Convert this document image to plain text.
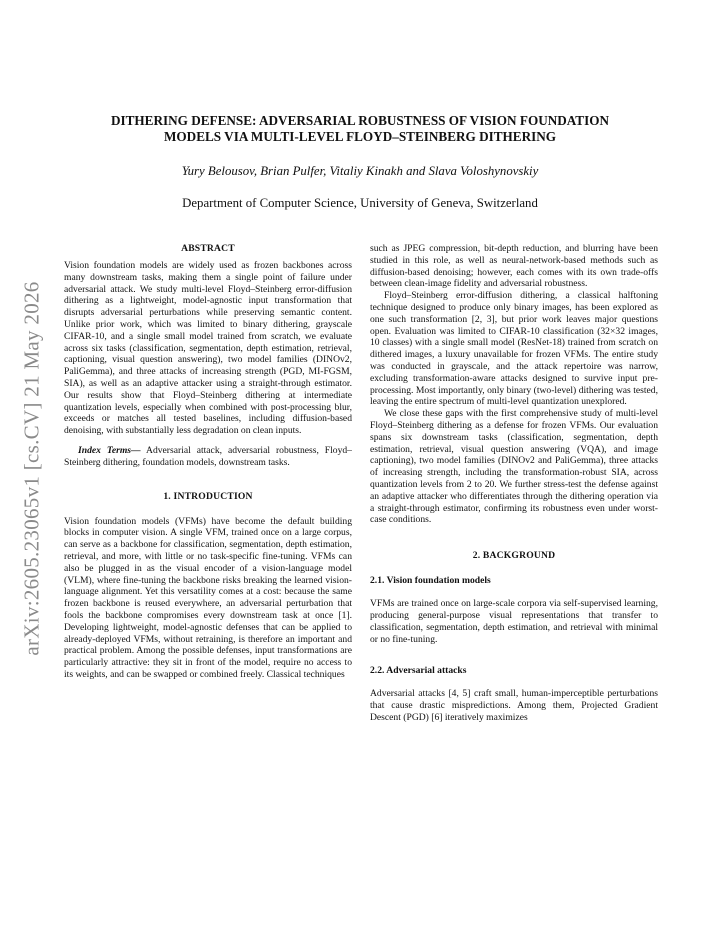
arXiv:2605.23065v1 [cs.CV] 21 May 2026
DITHERING DEFENSE: ADVERSARIAL ROBUSTNESS OF VISION FOUNDATION
MODELS VIA MULTI-LEVEL FLOYD–STEINBERG DITHERING
Yury Belousov, Brian Pulfer, Vitaliy Kinakh and Slava Voloshynovskiy
Department of Computer Science, University of Geneva, Switzerland

ABSTRACT

Vision foundation models are widely used as frozen backbones across many downstream tasks, making them a single point of failure under adversarial attack. We study multi-level Floyd–Steinberg error-diffusion dithering as a lightweight, model-agnostic input transformation that disrupts adversarial perturbations while preserving semantic content. Unlike prior work, which was limited to binary dithering, grayscale CIFAR-10, and a single small model trained from scratch, we evaluate across six tasks (classification, segmentation, depth estimation, retrieval, captioning, visual question answering), two model families (DINOv2, PaliGemma), and three attacks of increasing strength (PGD, MI-FGSM, SIA), as well as an adaptive attacker using a straight-through estimator. Our results show that Floyd–Steinberg dithering at intermediate quantization levels, especially when combined with post-processing blur, exceeds or matches all tested baselines, including diffusion-based denoising, with substantially less degradation on clean inputs.

Index Terms— Adversarial attack, adversarial robustness, Floyd–Steinberg dithering, foundation models, downstream tasks.

1. INTRODUCTION

Vision foundation models (VFMs) have become the default building blocks in computer vision. A single VFM, trained once on a large corpus, can serve as a backbone for classification, segmentation, depth estimation, retrieval, and more, with little or no task-specific fine-tuning. VFMs can also be plugged in as the visual encoder of a vision-language model (VLM), where fine-tuning the backbone risks breaking the learned vision-language alignment. Yet this versatility comes at a cost: because the same frozen backbone is reused everywhere, an adversarial perturbation that fools the backbone compromises every downstream task at once [1]. Developing lightweight, model-agnostic defenses that can be applied to already-deployed VFMs, without retraining, is therefore an important and practical problem. Among the possible defenses, input transformations are particularly attractive: they sit in front of the model, require no access to its weights, and can be swapped or combined freely. Classical techniques

such as JPEG compression, bit-depth reduction, and blurring have been studied in this role, as well as neural-network-based methods such as diffusion-based denoising; however, each comes with its own trade-offs between clean-image fidelity and adversarial robustness.

Floyd–Steinberg error-diffusion dithering, a classical halftoning technique designed to produce only binary images, has been explored as one such transformation [2, 3], but prior work leaves major questions open. Evaluation was limited to CIFAR-10 classification (32×32 images, 10 classes) with a single small model (ResNet-18) trained from scratch on dithered images, a luxury unavailable for frozen VFMs. The entire study was conducted in grayscale, and the attack repertoire was narrow, excluding transformation-aware attacks designed to survive input pre-processing. Most importantly, only binary (two-level) dithering was tested, leaving the entire spectrum of multi-level quantization unexplored.

We close these gaps with the first comprehensive study of multi-level Floyd–Steinberg dithering as a defense for frozen VFMs. Our evaluation spans six downstream tasks (classification, segmentation, depth estimation, retrieval, visual question answering (VQA), and image captioning), two model families (DINOv2 and PaliGemma), three attacks of increasing strength, including the transformation-robust SIA, across quantization levels from 2 to 20. We further stress-test the defense against an adaptive attacker who differentiates through the dithering operation via a straight-through estimator, confirming its robustness even under worst-case conditions.

2. BACKGROUND

2.1. Vision foundation models

VFMs are trained once on large-scale corpora via self-supervised learning, producing general-purpose visual representations that transfer to classification, segmentation, depth estimation, and retrieval with minimal or no fine-tuning.

2.2. Adversarial attacks

Adversarial attacks [4, 5] craft small, human-imperceptible perturbations that cause drastic mispredictions. Among them, Projected Gradient Descent (PGD) [6] iteratively maximizes
